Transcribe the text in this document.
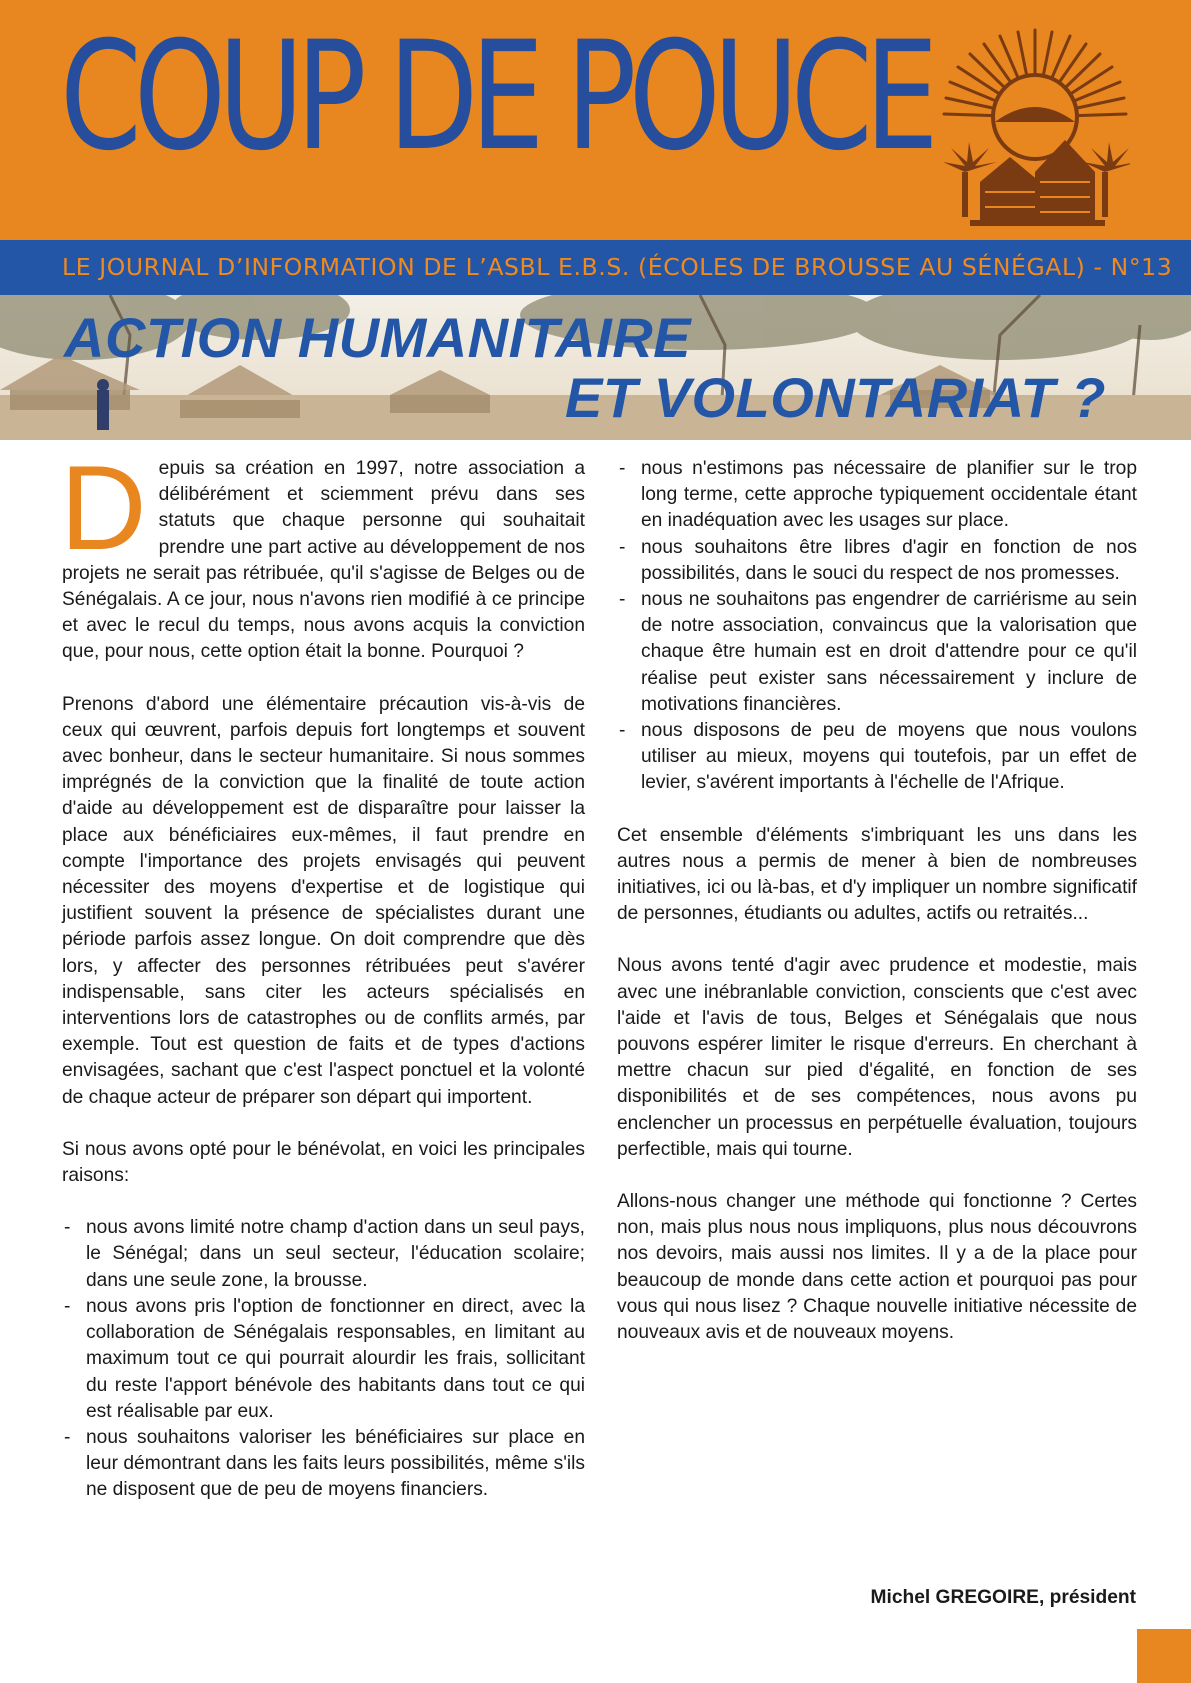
COUP DE POUCE
LE JOURNAL D’INFORMATION DE L’ASBL E.B.S. (ÉCOLES DE BROUSSE AU SÉNÉGAL) - N°13
ACTION HUMANITAIRE
ET VOLONTARIAT ?

Depuis sa création en 1997, notre association a délibérément et sciemment prévu dans ses statuts que chaque personne qui souhaitait prendre une part active au développement de nos projets ne serait pas rétribuée, qu'il s'agisse de Belges ou de Sénégalais. A ce jour, nous n'avons rien modifié à ce principe et avec le recul du temps, nous avons acquis la conviction que, pour nous, cette option était la bonne. Pourquoi ?

Prenons d'abord une élémentaire précaution vis-à-vis de ceux qui œuvrent, parfois depuis fort longtemps et souvent avec bonheur, dans le secteur humanitaire. Si nous sommes imprégnés de la conviction que la finalité de toute action d'aide au développement est de disparaître pour laisser la place aux bénéficiaires eux-mêmes, il faut prendre en compte l'importance des projets envisagés qui peuvent nécessiter des moyens d'expertise et de logistique qui justifient souvent la présence de spécialistes durant une période parfois assez longue. On doit comprendre que dès lors, y affecter des personnes rétribuées peut s'avérer indispensable, sans citer les acteurs spécialisés en interventions lors de catastrophes ou de conflits armés, par exemple. Tout est question de faits et de types d'actions envisagées, sachant que c'est l'aspect ponctuel et la volonté de chaque acteur de préparer son départ qui importent.

Si nous avons opté pour le bénévolat, en voici les principales raisons:

- nous avons limité notre champ d'action dans un seul pays, le Sénégal; dans un seul secteur, l'éducation scolaire; dans une seule zone, la brousse.
- nous avons pris l'option de fonctionner en direct, avec la collaboration de Sénégalais responsables, en limitant au maximum tout ce qui pourrait alourdir les frais, sollicitant du reste l'apport bénévole des habitants dans tout ce qui est réalisable par eux.
- nous souhaitons valoriser les bénéficiaires sur place en leur démontrant dans les faits leurs possibilités, même s'ils ne disposent que de peu de moyens financiers.
- nous n'estimons pas nécessaire de planifier sur le trop long terme, cette approche typiquement occidentale étant en inadéquation avec les usages sur place.
- nous souhaitons être libres d'agir en fonction de nos possibilités, dans le souci du respect de nos promesses.
- nous ne souhaitons pas engendrer de carriérisme au sein de notre association, convaincus que la valorisation que chaque être humain est en droit d'attendre pour ce qu'il réalise peut exister sans nécessairement y inclure de motivations financières.
- nous disposons de peu de moyens que nous voulons utiliser au mieux, moyens qui toutefois, par un effet de levier, s'avérent importants à l'échelle de l'Afrique.

Cet ensemble d'éléments s'imbriquant les uns dans les autres nous a permis de mener à bien de nombreuses initiatives, ici ou là-bas, et d'y impliquer un nombre significatif de personnes, étudiants ou adultes, actifs ou retraités...

Nous avons tenté d'agir avec prudence et modestie, mais avec une inébranlable conviction, conscients que c'est avec l'aide et l'avis de tous, Belges et Sénégalais que nous pouvons espérer limiter le risque d'erreurs. En cherchant à mettre chacun sur pied d'égalité, en fonction de ses disponibilités et de ses compétences, nous avons pu enclencher un processus en perpétuelle évaluation, toujours perfectible, mais qui tourne.

Allons-nous changer une méthode qui fonctionne ? Certes non, mais plus nous nous impliquons, plus nous découvrons nos devoirs, mais aussi nos limites. Il y a de la place pour beaucoup de monde dans cette action et pourquoi pas pour vous qui nous lisez ? Chaque nouvelle initiative nécessite de nouveaux avis et de nouveaux moyens.

Michel GREGOIRE, président
